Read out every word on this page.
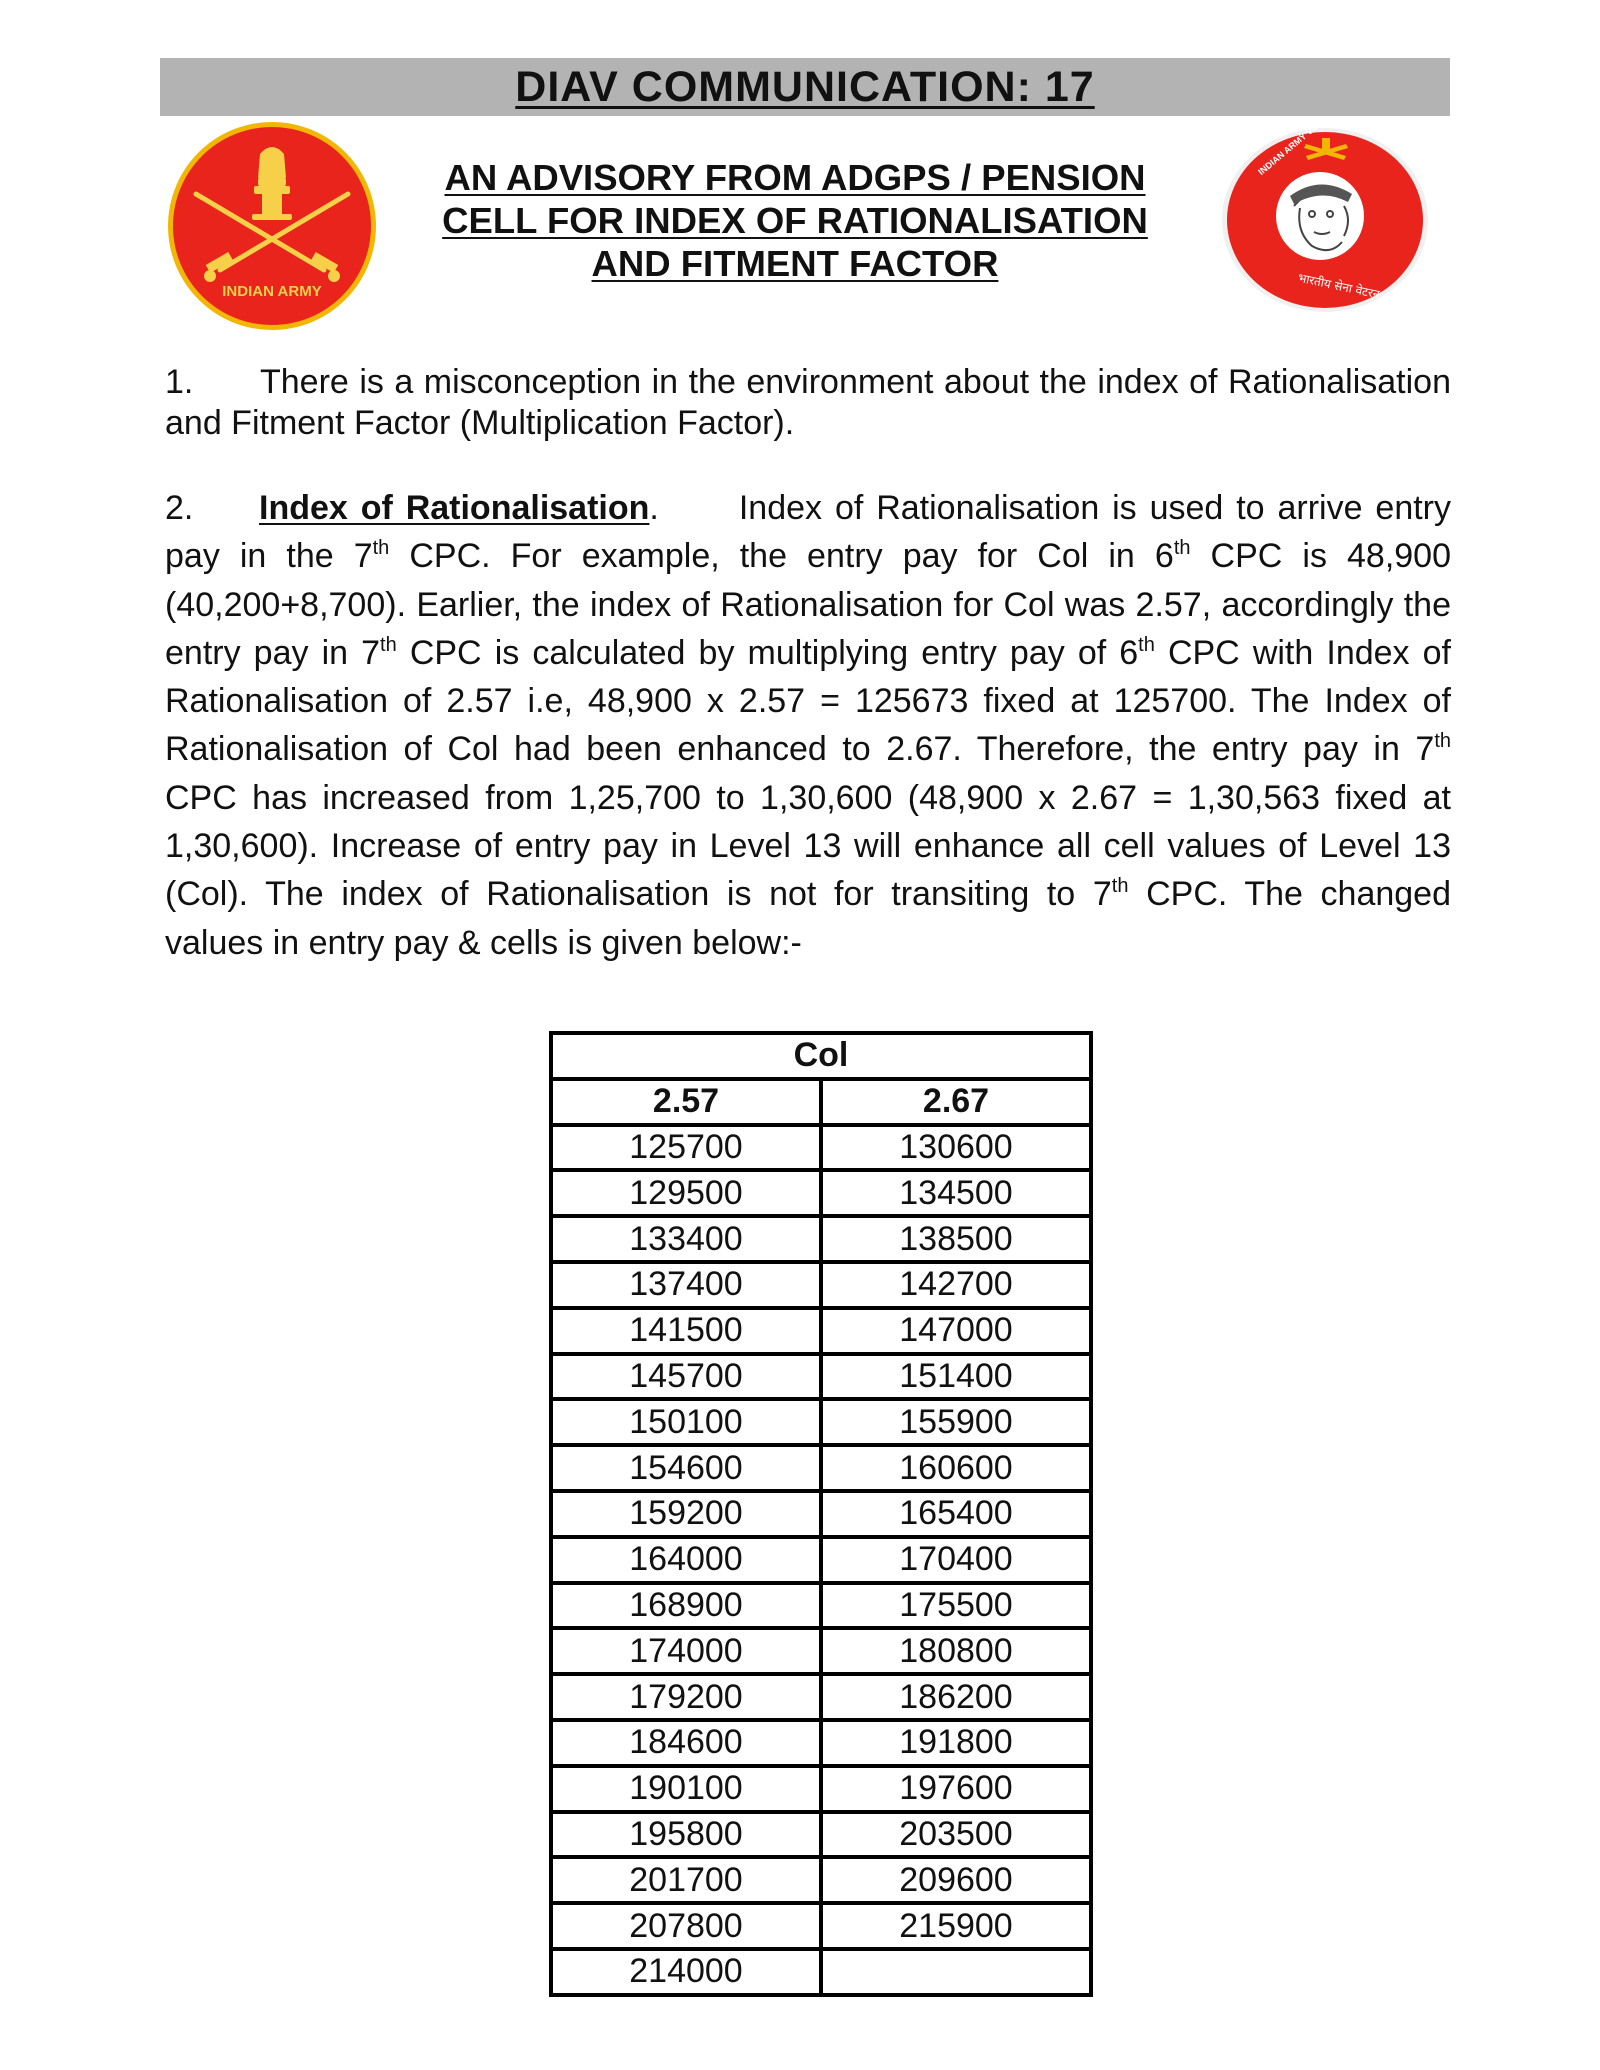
DIAV COMMUNICATION: 17
INDIAN ARMY	भारतीय सेना वेटरन
AN ADVISORY FROM ADGPS / PENSION
CELL FOR INDEX OF RATIONALISATION
AND FITMENT FACTOR

1. There is a misconception in the environment about the index of Rationalisation and Fitment Factor (Multiplication Factor).

2. Index of Rationalisation. Index of Rationalisation is used to arrive entry pay in the 7th CPC. For example, the entry pay for Col in 6th CPC is 48,900 (40,200+8,700). Earlier, the index of Rationalisation for Col was 2.57, accordingly the entry pay in 7th CPC is calculated by multiplying entry pay of 6th CPC with Index of Rationalisation of 2.57 i.e, 48,900 x 2.57 = 125673 fixed at 125700. The Index of Rationalisation of Col had been enhanced to 2.67. Therefore, the entry pay in 7th CPC has increased from 1,25,700 to 1,30,600 (48,900 x 2.67 = 1,30,563 fixed at 1,30,600). Increase of entry pay in Level 13 will enhance all cell values of Level 13 (Col). The index of Rationalisation is not for transiting to 7th CPC. The changed values in entry pay & cells is given below:-

Col	
2.57	2.67
125700	130600
129500	134500
133400	138500
137400	142700
141500	147000
145700	151400
150100	155900
154600	160600
159200	165400
164000	170400
168900	175500
174000	180800
179200	186200
184600	191800
190100	197600
195800	203500
201700	209600
207800	215900
214000	
